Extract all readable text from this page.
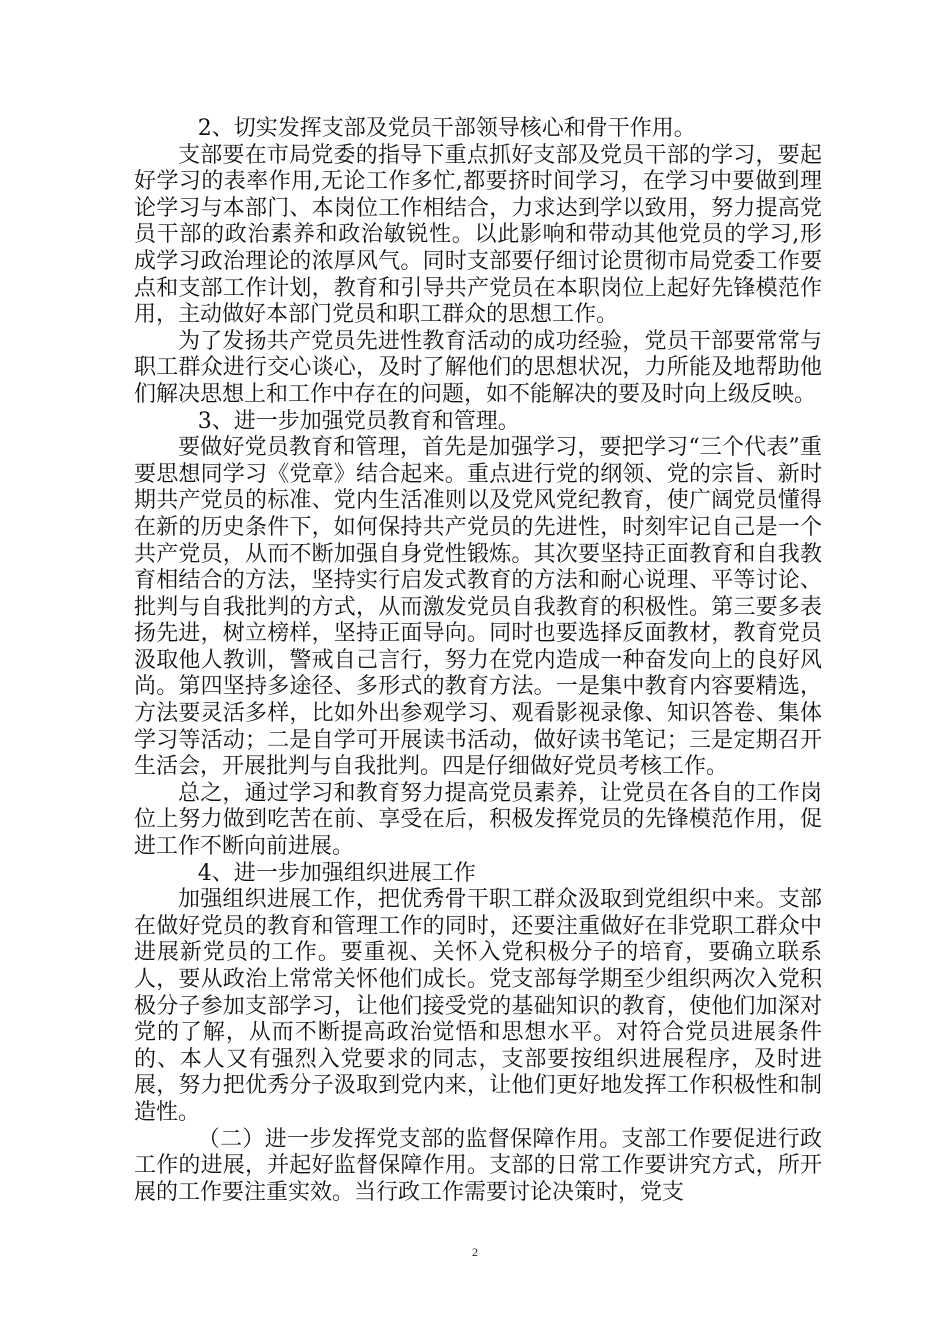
2、切实发挥支部及党员干部领导核心和骨干作用。

支部要在市局党委的指导下重点抓好支部及党员干部的学习，要起好学习的表率作用,无论工作多忙,都要挤时间学习，在学习中要做到理论学习与本部门、本岗位工作相结合，力求达到学以致用，努力提高党员干部的政治素养和政治敏锐性。以此影响和带动其他党员的学习,形成学习政治理论的浓厚风气。同时支部要仔细讨论贯彻市局党委工作要点和支部工作计划，教育和引导共产党员在本职岗位上起好先锋模范作用，主动做好本部门党员和职工群众的思想工作。

为了发扬共产党员先进性教育活动的成功经验，党员干部要常常与职工群众进行交心谈心，及时了解他们的思想状况，力所能及地帮助他们解决思想上和工作中存在的问题，如不能解决的要及时向上级反映。

3、进一步加强党员教育和管理。

要做好党员教育和管理，首先是加强学习，要把学习“三个代表”重要思想同学习《党章》结合起来。重点进行党的纲领、党的宗旨、新时期共产党员的标准、党内生活准则以及党风党纪教育，使广阔党员懂得在新的历史条件下，如何保持共产党员的先进性，时刻牢记自己是一个共产党员，从而不断加强自身党性锻炼。其次要坚持正面教育和自我教育相结合的方法，坚持实行启发式教育的方法和耐心说理、平等讨论、批判与自我批判的方式，从而激发党员自我教育的积极性。第三要多表扬先进，树立榜样，坚持正面导向。同时也要选择反面教材，教育党员汲取他人教训，警戒自己言行，努力在党内造成一种奋发向上的良好风尚。第四坚持多途径、多形式的教育方法。一是集中教育内容要精选，方法要灵活多样，比如外出参观学习、观看影视录像、知识答卷、集体学习等活动；二是自学可开展读书活动，做好读书笔记；三是定期召开生活会，开展批判与自我批判。四是仔细做好党员考核工作。

总之，通过学习和教育努力提高党员素养，让党员在各自的工作岗位上努力做到吃苦在前、享受在后，积极发挥党员的先锋模范作用，促进工作不断向前进展。

4、进一步加强组织进展工作

加强组织进展工作，把优秀骨干职工群众汲取到党组织中来。支部在做好党员的教育和管理工作的同时，还要注重做好在非党职工群众中进展新党员的工作。要重视、关怀入党积极分子的培育，要确立联系人，要从政治上常常关怀他们成长。党支部每学期至少组织两次入党积极分子参加支部学习，让他们接受党的基础知识的教育，使他们加深对党的了解，从而不断提高政治觉悟和思想水平。对符合党员进展条件的、本人又有强烈入党要求的同志，支部要按组织进展程序，及时进展，努力把优秀分子汲取到党内来，让他们更好地发挥工作积极性和制造性。

（二）进一步发挥党支部的监督保障作用。支部工作要促进行政工作的进展，并起好监督保障作用。支部的日常工作要讲究方式，所开展的工作要注重实效。当行政工作需要讨论决策时，党支

2
